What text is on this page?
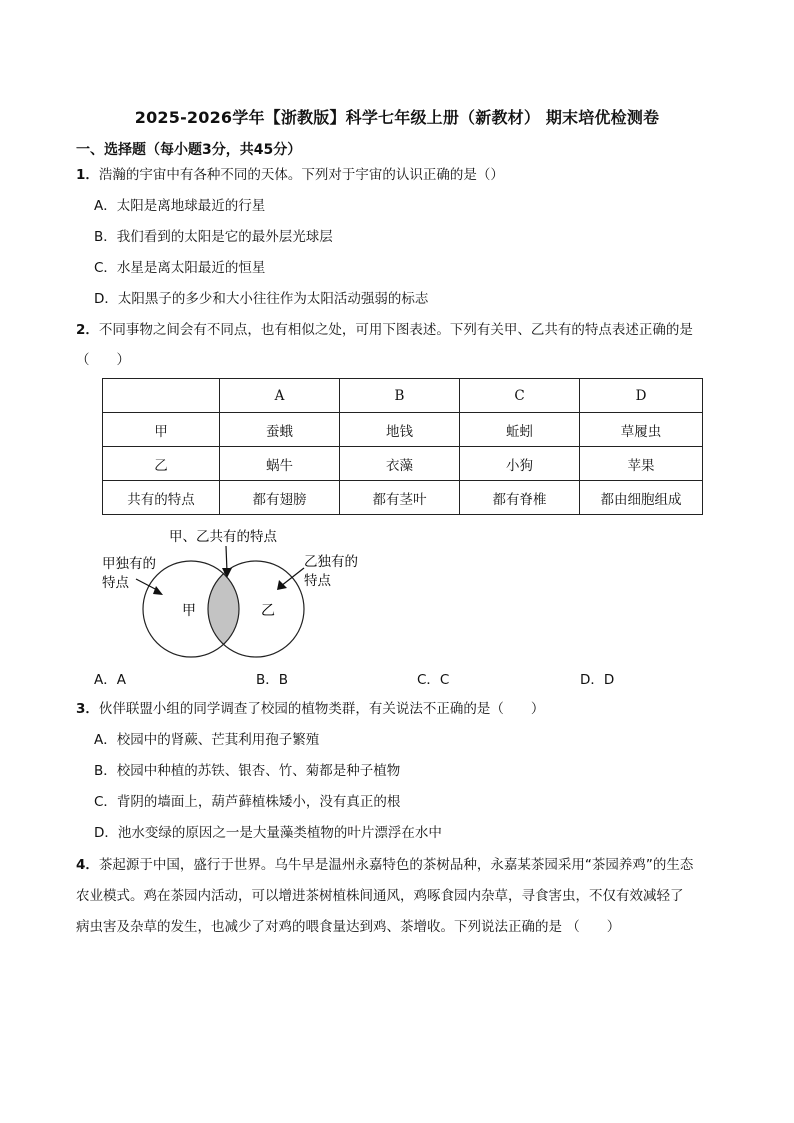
2025-2026学年【浙教版】科学七年级上册（新教材） 期末培优检测卷
一、选择题（每小题3分，共45分）
1．浩瀚的宇宙中有各种不同的天体。下列对于宇宙的认识正确的是（）
A．太阳是离地球最近的行星
B．我们看到的太阳是它的最外层光球层
C．水星是离太阳最近的恒星
D．太阳黑子的多少和大小往往作为太阳活动强弱的标志
2．不同事物之间会有不同点，也有相似之处，可用下图表述。下列有关甲、乙共有的特点表述正确的是
（　　）
	A	B	C	D
甲	蚕蛾	地钱	蚯蚓	草履虫
乙	蜗牛	衣藻	小狗	苹果
共有的特点	都有翅膀	都有茎叶	都有脊椎	都由细胞组成
甲、乙共有的特点
甲独有的
特点
乙独有的
特点
甲	乙
A．A	B．B	C．C	D．D
3．伙伴联盟小组的同学调查了校园的植物类群，有关说法不正确的是（　　）
A．校园中的肾蕨、芒萁利用孢子繁殖
B．校园中种植的苏铁、银杏、竹、菊都是种子植物
C．背阴的墙面上，葫芦藓植株矮小，没有真正的根
D．池水变绿的原因之一是大量藻类植物的叶片漂浮在水中
4．茶起源于中国，盛行于世界。乌牛早是温州永嘉特色的茶树品种，永嘉某茶园采用“茶园养鸡”的生态
农业模式。鸡在茶园内活动，可以增进茶树植株间通风，鸡啄食园内杂草，寻食害虫，不仅有效减轻了
病虫害及杂草的发生，也减少了对鸡的喂食量达到鸡、茶增收。下列说法正确的是 （　　）
